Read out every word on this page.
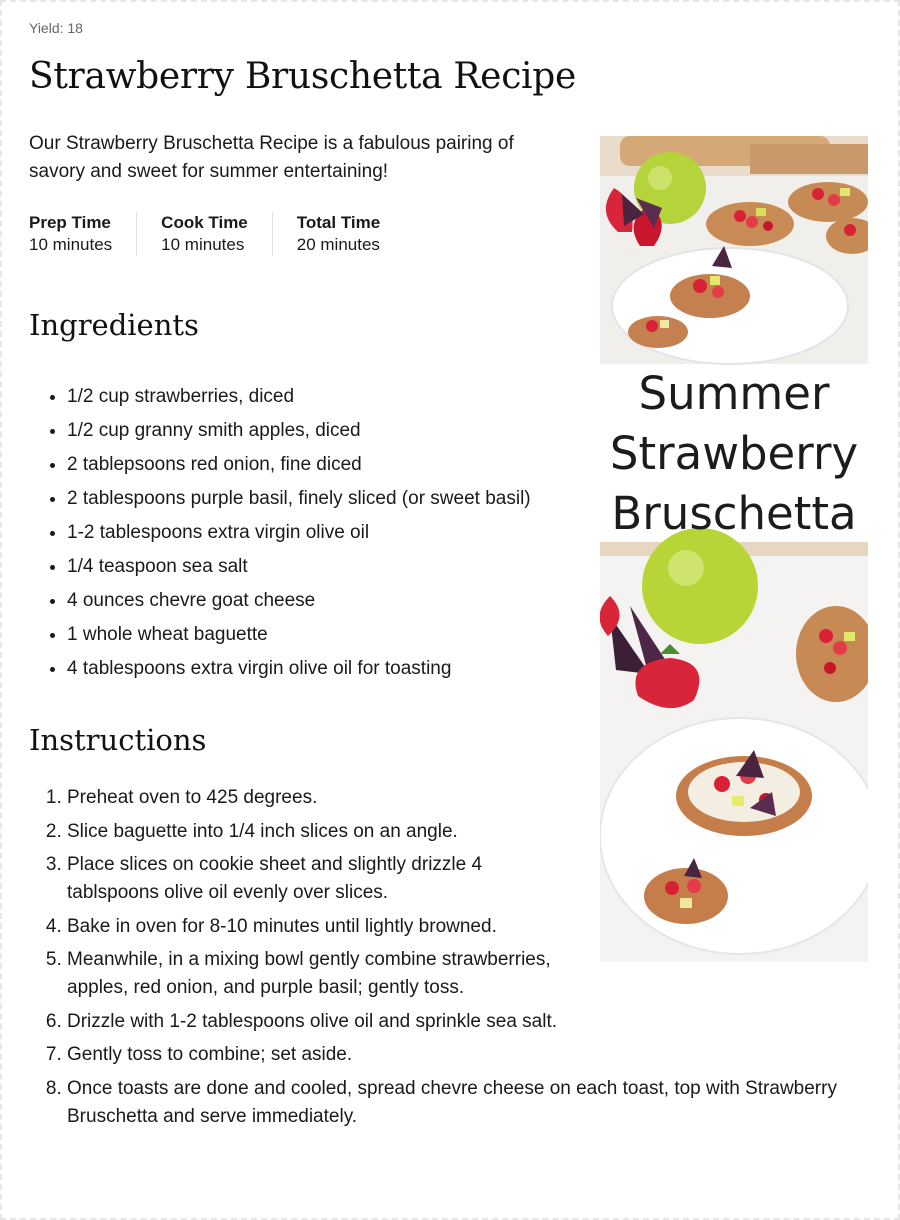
Yield: 18
Strawberry Bruschetta Recipe

Our Strawberry Bruschetta Recipe is a fabulous pairing of savory and sweet for summer entertaining!

Prep Time
10 minutes
Cook Time
10 minutes
Total Time
20 minutes
Summer
Strawberry
Bruschetta
Ingredients
• 1/2 cup strawberries, diced
• 1/2 cup granny smith apples, diced
• 2 tablepsoons red onion, fine diced
• 2 tablespoons purple basil, finely sliced (or sweet basil)
• 1-2 tablespoons extra virgin olive oil
• 1/4 teaspoon sea salt
• 4 ounces chevre goat cheese
• 1 whole wheat baguette
• 4 tablespoons extra virgin olive oil for toasting
Instructions
1. Preheat oven to 425 degrees.
2. Slice baguette into 1/4 inch slices on an angle.
3. Place slices on cookie sheet and slightly drizzle 4 tablspoons olive oil evenly over slices.
4. Bake in oven for 8-10 minutes until lightly browned.
5. Meanwhile, in a mixing bowl gently combine strawberries, apples, red onion, and purple basil; gently toss.
6. Drizzle with 1-2 tablespoons olive oil and sprinkle sea salt.
7. Gently toss to combine; set aside.
8. Once toasts are done and cooled, spread chevre cheese on each toast, top with Strawberry Bruschetta and serve immediately.
